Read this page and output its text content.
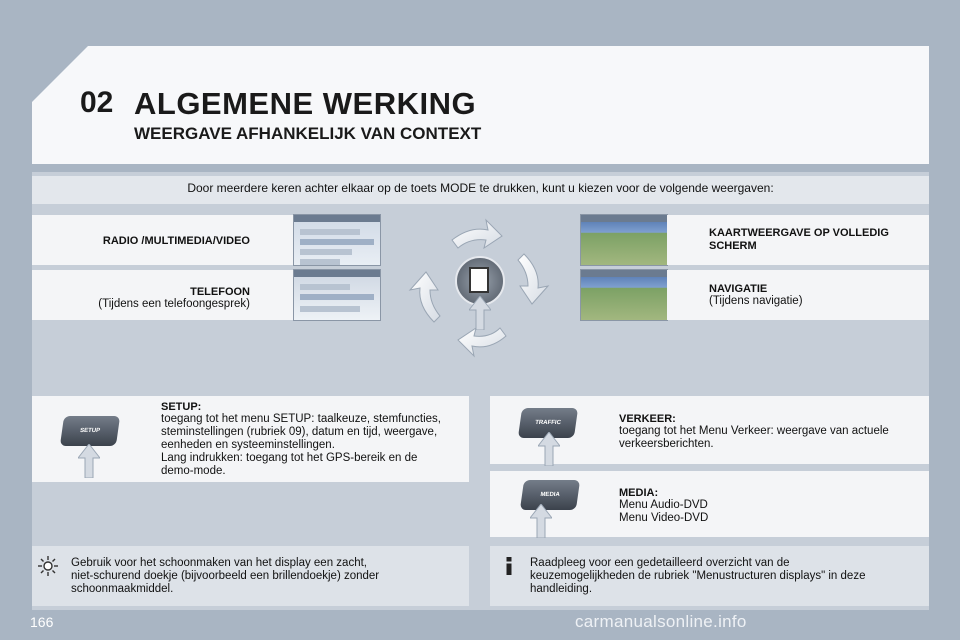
02 ALGEMENE WERKING
WEERGAVE AFHANKELIJK VAN CONTEXT
Door meerdere keren achter elkaar op de toets MODE te drukken, kunt u kiezen voor de volgende weergaven:
RADIO /MULTIMEDIA/VIDEO
TELEFOON
(Tijdens een telefoongesprek)
KAARTWEERGAVE OP VOLLEDIG
SCHERM
NAVIGATIE
(Tijdens navigatie)
SETUP
SETUP:
toegang tot het menu SETUP: taalkeuze, stemfuncties,
steminstellingen (rubriek 09), datum en tijd, weergave,
eenheden en systeeminstellingen.
Lang indrukken: toegang tot het GPS-bereik en de
demo-mode.
TRAFFIC	VERKEER:
toegang tot het Menu Verkeer: weergave van actuele
verkeersberichten.
MEDIA	MEDIA:
Menu Audio-DVD
Menu Video-DVD
Gebruik voor het schoonmaken van het display een zacht,
niet-schurend doekje (bijvoorbeeld een brillendoekje) zonder
schoonmaakmiddel.
Raadpleeg voor een gedetailleerd overzicht van de
keuzemogelijkheden de rubriek "Menustructuren displays" in deze
handleiding.
166	carmanualsonline.info
